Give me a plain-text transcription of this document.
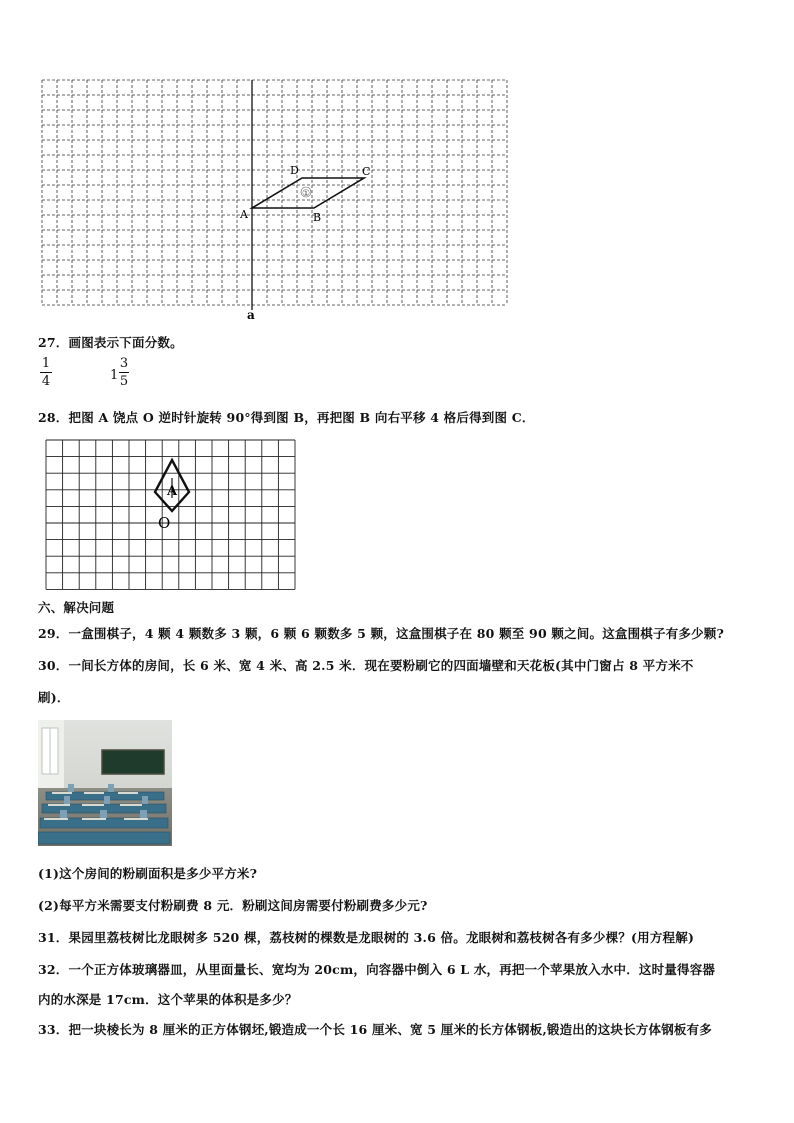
①
A	B
C
D
a
27．画图表示下面分数。
1
4	1
3
5
28．把图 A 饶点 O 逆时针旋转 90°得到图 B，再把图 B 向右平移 4 格后得到图 C．
A
O
六、解决问题
29．一盒围棋子，4 颗 4 颗数多 3 颗，6 颗 6 颗数多 5 颗，这盒围棋子在 80 颗至 90 颗之间。这盒围棋子有多少颗?
30．一间长方体的房间，长 6 米、宽 4 米、高 2.5 米．现在要粉刷它的四面墙壁和天花板(其中门窗占 8 平方米不
刷)．
(1)这个房间的粉刷面积是多少平方米?
(2)每平方米需要支付粉刷费 8 元．粉刷这间房需要付粉刷费多少元?
31．果园里荔枝树比龙眼树多 520 棵，荔枝树的棵数是龙眼树的 3.6 倍。龙眼树和荔枝树各有多少棵？(用方程解)
32．一个正方体玻璃器皿，从里面量长、宽均为 20cm，向容器中倒入 6 L 水，再把一个苹果放入水中．这时量得容器
内的水深是 17cm．这个苹果的体积是多少？
33．把一块棱长为 8 厘米的正方体钢坯,锻造成一个长 16 厘米、宽 5 厘米的长方体钢板,锻造出的这块长方体钢板有多
